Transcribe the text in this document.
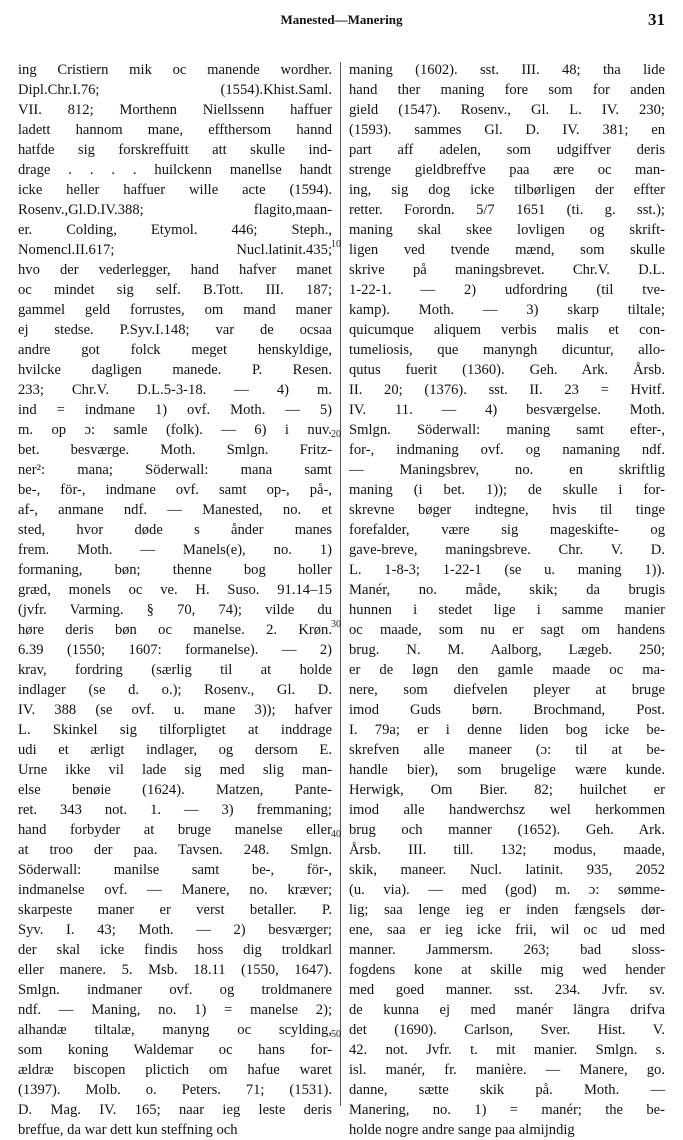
Manested—Manering	31
ing Cristiern mik oc manende wordher.
Dipl.Chr.I.76; (1554).Khist.Saml.
VII. 812; Morthenn Niellssenn haffuer
ladett hannom mane, effthersom hannd
hatfde sig forskreffuitt att skulle ind-
drage . . . . huilckenn manellse handt
icke heller haffuer wille acte (1594).
Rosenv.,Gl.D.IV.388; flagito,maan-
er. Colding, Etymol. 446; Steph.,
Nomencl.II.617; Nucl.latinit.435;
hvo der vederlegger, hand hafver manet
oc mindet sig self. B.Tott. III. 187;
gammel geld forrustes, om mand maner
ej stedse. P.Syv.I.148; var de ocsaa
andre got folck meget henskyldige,
hvilcke dagligen manede. P. Resen.
233; Chr.V. D.L.5-3-18. — 4) m.
ind = indmane 1) ovf. Moth. — 5)
m. op ɔ: samle (folk). — 6) i nuv.
bet. besværge. Moth. Smlgn. Fritz-
ner²: mana; Söderwall: mana samt
be-, för-, indmane ovf. samt op-, på-,
af-, anmane ndf. — Manested, no. et
sted, hvor døde s ånder manes
frem. Moth. — Manels(e), no. 1)
formaning, bøn; thenne bog holler
græd, monels oc ve. H. Suso. 91.14–15
(jvfr. Varming. § 70, 74); vilde du
høre deris bøn oc manelse. 2. Krøn.
6.39 (1550; 1607: formanelse). — 2)
krav, fordring (særlig til at holde
indlager (se d. o.); Rosenv., Gl. D.
IV. 388 (se ovf. u. mane 3)); hafver
L. Skinkel sig tilforpligtet at inddrage
udi et ærligt indlager, og dersom E.
Urne ikke vil lade sig med slig man-
else benøie (1624). Matzen, Pante-
ret. 343 not. 1. — 3) fremmaning;
hand forbyder at bruge manelse eller
at troo der paa. Tavsen. 248. Smlgn.
Söderwall: manilse samt be-, för-,
indmanelse ovf. — Manere, no. kræver;
skarpeste maner er verst betaller. P.
Syv. I. 43; Moth. — 2) besværger;
der skal icke findis hoss dig troldkarl
eller manere. 5. Msb. 18.11 (1550, 1647).
Smlgn. indmaner ovf. og troldmanere
ndf. — Maning, no. 1) = manelse 2);
alhandæ tiltalæ, manyng oc scylding,
som koning Waldemar oc hans for-
ældræ biscopen plictich om hafue waret
(1397). Molb. o. Peters. 71; (1531).
D. Mag. IV. 165; naar ieg leste deris
breffue, da war dett kun steffning och
maning (1602). sst. III. 48; tha lide
hand ther maning fore som for anden
gield (1547). Rosenv., Gl. L. IV. 230;
(1593). sammes Gl. D. IV. 381; en
part aff adelen, som udgiffver deris
strenge gieldbreffve paa ære oc man-
ing, sig dog icke tilbørligen der effter
retter. Forordn. 5/7 1651 (ti. g. sst.);
maning skal skee lovligen og skrift-
ligen ved tvende mænd, som skulle
skrive på maningsbrevet. Chr.V. D.L.
1-22-1. — 2) udfordring (til tve-
kamp). Moth. — 3) skarp tiltale;
quicumque aliquem verbis malis et con-
tumeliosis, que manyngh dicuntur, allo-
qutus fuerit (1360). Geh. Ark. Årsb.
II. 20; (1376). sst. II. 23 = Hvitf.
IV. 11. — 4) besværgelse. Moth.
Smlgn. Söderwall: maning samt efter-,
for-, indmaning ovf. og namaning ndf.
— Maningsbrev, no. en skriftlig
maning (i bet. 1)); de skulle i for-
skrevne bøger indtegne, hvis til tinge
forefalder, være sig mageskifte- og
gave-breve, maningsbreve. Chr. V. D.
L. 1-8-3; 1-22-1 (se u. maning 1)).
Manér, no. måde, skik; da brugis
hunnen i stedet lige i samme manier
oc maade, som nu er sagt om handens
brug. N. M. Aalborg, Lægeb. 250;
er de løgn den gamle maade oc ma-
nere, som diefvelen pleyer at bruge
imod Guds børn. Brochmand, Post.
I. 79a; er i denne liden bog icke be-
skrefven alle maneer (ɔ: til at be-
handle bier), som brugelige wære kunde.
Herwigk, Om Bier. 82; huilchet er
imod alle handwerchsz wel herkommen
brug och manner (1652). Geh. Ark.
Årsb. III. till. 132; modus, maade,
skik, maneer. Nucl. latinit. 935, 2052
(u. via). — med (god) m. ɔ: sømme-
lig; saa lenge ieg er inden fængsels dør-
ene, saa er ieg icke frii, wil oc ud med
manner. Jammersm. 263; bad sloss-
fogdens kone at skille mig wed hender
med goed manner. sst. 234. Jvfr. sv.
de kunna ej med manér längra drifva
det (1690). Carlson, Sver. Hist. V.
42. not. Jvfr. t. mit manier. Smlgn. s.
isl. manér, fr. manière. — Manere, go.
danne, sætte skik på. Moth. —
Manering, no. 1) = manér; the be-
holde nogre andre sange paa almijndig
10
20
30
40
50
